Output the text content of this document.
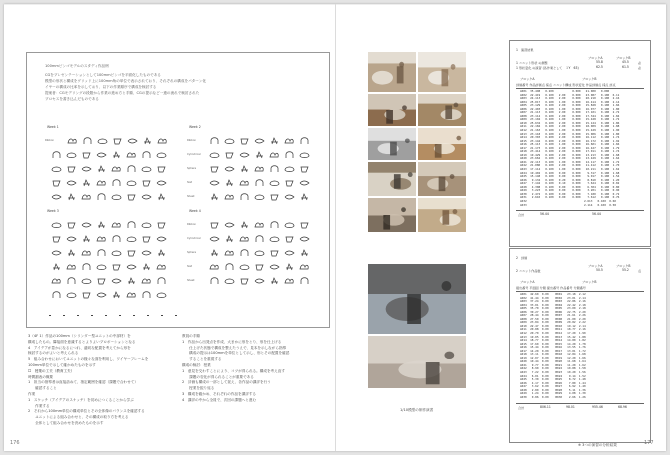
100mmビンゴモデルのスタディ作品例
CGをプレゼンテーションとして100mmビンゴを平面化したものである
模型の形状と構成をグリッド上に100mm角の単位で表示されており、それぞれの構成をパターン化
イヤーの構成の比率を示しており、以下の作業順序で構成を検討する
提案者：CGモデリングの段階から作業の進め方と手順、CGの提示など一連の流れで検討された
プロセスを書き込んだものである
Week 1
Ribbon
Week 2
Ribbon
Cylindrical
Sphere
Slat
Sheet
Week 3	Week 4
Ribbon
Cylindrical
Sphere
Slat
Sheet
3（4F 1）作品の100mm（シリンダー型ユニットの中部材）を
構成したもの。隣接面を意識するとよりよいプロポーションとなる
4　アイデアが豊かになるにつれ、適切な配置を考えてから形を
検討するのがよいと考えられる
5　組み合わせにおいてユニットの様々な面を利用し、ワイヤーフレームを
100mm単位で示して確かめたものを示す
☐　授業の工夫（教育工夫）
時間割表の概要
1　担当の指導者は直接訪ねて、指定範囲を確認（課題で合わせて）
　　確認すること
作業
1　スケッチ（アイデアのスケッチ）を初めにつくることから学ぶ
　　作業する
2　それから100mm単位の構成単位とその全体像のバランスを確認する
　　ユニットによる組み合わせと、その構成の取り方を考える
　　全体として組み合わせを決めたものを示す
教員の手順
1　作品から出発点を作成、大まかに形をとり、形を仕上げる
　　仕上げた状態で構成を整えたうえで、見本を示しながら指導
　　構成の提示は100mmを単位として示し、形とその配置を確認
　　することを重視する
構成の検討：授業
1　意見を交わすことにより、コツが得られる。構成を考え直す
　　課題の変化が得られることが重要である
2　評価も構成の一部として捉え、各作品の講評を行う
　　授業を振り返る
3　構成を確かめ、それぞれの作品を講評する
4　講評の中から全員で、次回の課題へと進む
176
1/10模型の制作演習
1　演習結果
ブロックA	ブロックB
1 ユニット形状 の調整	55.8	45.5	必
1 形状変化 の演習 (各作業として　１Y　63)	62.5	61.5	必
ブロックA	ブロックB
評価番号 作品評価点 採点 ユニット構成 形状変化 作品評価点 採点 評点
A001  35.498   0.200           0.000   21.000   0.000
A002  22.419   0.100   2.00    0.000   23.087   0.100  6.11
A003  24.113   0.100   2.00    0.000   20.210   0.100  2.16
A004  25.017   0.100   1.00    0.000   16.414   0.100  2.14
A005  23.129   0.100   2.00    0.000   15.828   0.100  1.66
A006  22.403   0.100   1.00    0.000   16.077   0.100  1.80
A007  21.113   0.100   2.00    0.000   17.101   0.100  2.72
A008  23.114   0.100   2.00    0.000   17.344   0.100  1.84
A009  23.104   0.100   1.00    0.000   15.428   0.100  1.72
A010  25.634   0.100   2.00    0.000   15.124   0.100  1.86
A011  22.184   0.100   2.00    0.000   18.009   0.100  1.88
A012  21.163   0.100   1.00    0.000   15.429   0.100  1.90
A013  23.118   0.100   2.00    0.000   15.006   0.100  1.80
A014  20.303   0.200   2.00    0.000   16.112   0.100  1.74
A015  23.144   0.200   2.00    0.000   16.172   0.100  1.92
A016  25.113   0.100   1.00    0.000   16.601   0.100  1.66
A017  21.173   0.100   2.00    0.000   16.427   0.100  1.79
A018  23.414   0.100   2.00    0.000   17.011   0.100  1.74
A019  19.429   0.100   2.00    0.000   13.213   0.100  1.68
A020  23.662   0.100   2.00    0.000   13.429   0.100  1.64
A021  22.113   0.100   1.00    0.000   12.117   0.100  1.72
A022  21.080   0.100   2.00    0.000   11.412   0.100  1.70
A023  17.114   0.100   1.00    0.000   10.211   0.100  1.62
A024  19.402   0.100   0.00    0.000    9.317   0.100  1.68
A025  15.148   0.100   0.00    0.000    9.017   0.100  1.54
A026   9.134   0.100   0.20    0.000    8.810   0.100  1.20
A027   7.142   0.100   0.10    0.000    7.624   0.100  0.82
A028   4.308   0.100   0.00    0.000    6.304   0.100  0.80
A029   3.223   0.100   0.00    0.000    3.201   0.100  0.90
A030   2.472   0.100   0.00    0.000    7.180   0.100  0.72
A031   2.610   0.100   0.00    0.000    7.612   0.100  0.76
A032                                  2.613   0.100  0.60
A033                                  2.114   0.100  0.58
合計	56.44	56.44
2　評価
ブロックA	ブロックB
2 ユニット作品数	50.5	55.2	点
ブロックA	ブロックB
提出番号 平面図 分類 提出番号 作品番号 分類番号
A001  42.60  0.00    B001   23.18  2.12
A002  41.44  0.00    B002   23.01  2.14
A003  37.24  0.00    B003   22.86  2.16
A004  33.01  0.00    B004   22.42  2.18
A005  35.70  0.00    B005   23.00  2.18
A006  30.27  0.00    B006   22.75  2.20
A007  28.44  0.00    B007   21.61  2.26
A008  27.50  0.00    B008   21.00  2.20
A009  23.84  0.00    B009   20.82  2.22
A010  22.47  0.00    B010   19.12  2.14
A011  20.88  0.00    B011   18.77  2.16
A012  20.70  0.00    B012   17.20  1.90
A013  19.05  0.00    B013   15.42  1.88
A014  18.77  0.00    B014   14.80  1.82
A015  17.60  0.00    B015   14.20  1.78
A016  15.44  0.00    B016   13.55  1.76
A017  14.20  0.00    B017   13.01  1.72
A018  13.11  0.00    B018   12.84  1.68
A019  12.07  0.00    B019   12.20  1.66
A020  10.44  0.00    B020   11.68  1.64
A021   9.77  0.00    B021   11.20  1.62
A022   8.90  0.00    B022   10.88  1.58
A023   7.22  0.00    B023   10.20  1.56
A024   6.01  0.00    B024    9.14  1.52
A025   5.30  0.00    B025    8.72  1.48
A026   4.17  0.00    B026    7.80  1.44
A027   3.62  0.00    B027    6.92  1.40
A028   2.80  0.00    B028    5.11  1.36
A029   1.24  0.00    B029    4.08  1.30
A030   0.86  0.00    B030    2.66  1.26
合計	806.11	98.01	955.46	68.96
※ 3つの演習の分析結果	177
